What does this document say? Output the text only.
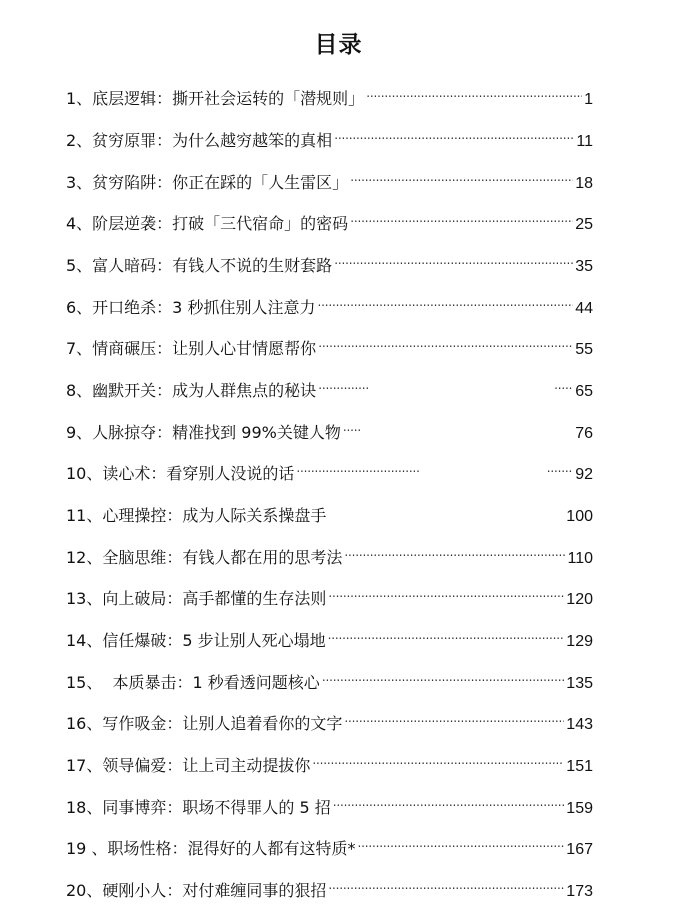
目录
1、底层逻辑：撕开社会运转的「潜规则」 . . .	1
2、贫穷原罪：为什么越穷越笨的真相 . . .	11
3、贫穷陷阱：你正在踩的「人生雷区」 . . .	18
4、阶层逆袭：打破「三代宿命」的密码 . . .	25
5、富人暗码：有钱人不说的生财套路 . . .	35
6、开口绝杀：3 秒抓住别人注意力 . . .	44
7、情商碾压：让别人心甘情愿帮你 . . .	55
8、幽默开关：成为人群焦点的秘诀 . . .	65
9、人脉掠夺：精准找到 99%关键人物 . . .	76
10、读心术：看穿别人没说的话 . . .	92
11、心理操控：成为人际关系操盘手 . . .	100
12、全脑思维：有钱人都在用的思考法 . . .	110
13、向上破局：高手都懂的生存法则 . . .	120
14、信任爆破：5 步让别人死心塌地 . . .	129
15、  本质暴击：1 秒看透问题核心 . . .	135
16、写作吸金：让别人追着看你的文字 . . .	143
17、领导偏爱：让上司主动提拔你 . . .	151
18、同事博弈：职场不得罪人的 5 招 . . .	159
19 、职场性格：混得好的人都有这特质* . . .	167
20、硬刚小人：对付难缠同事的狠招 . . .	173
